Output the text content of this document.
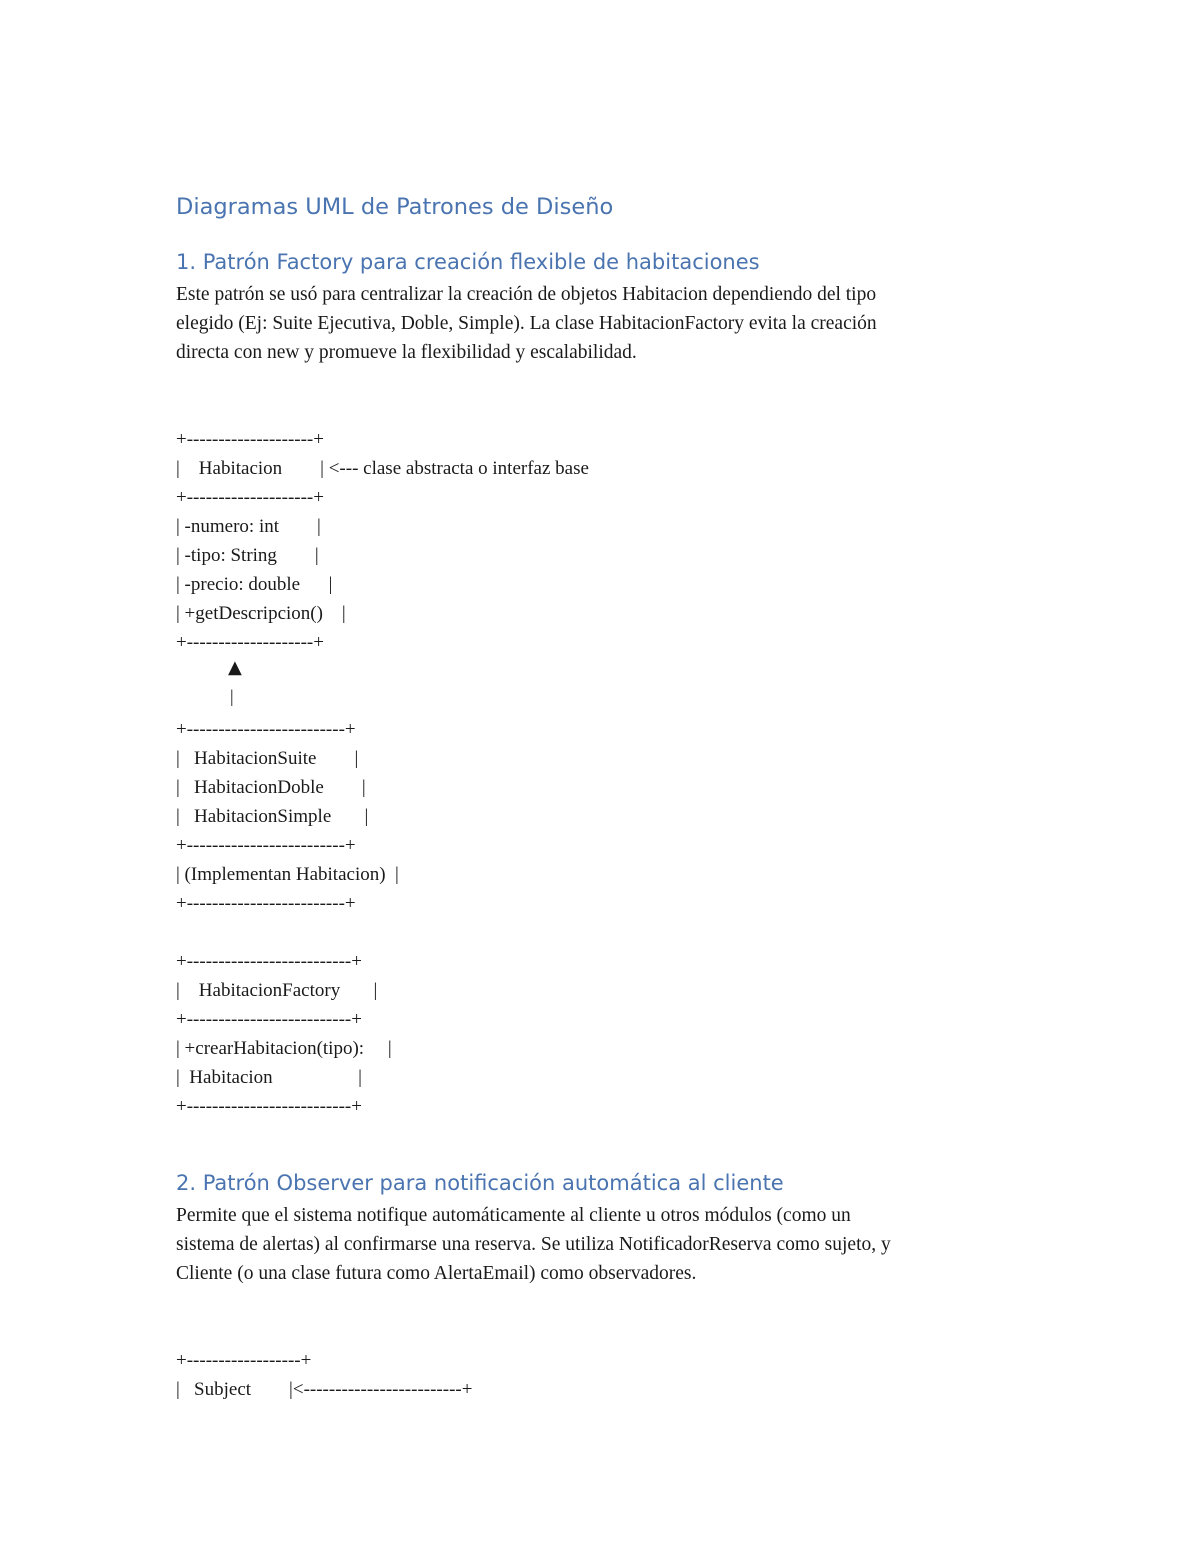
Diagramas UML de Patrones de Diseño
1. Patrón Factory para creación flexible de habitaciones
Este patrón se usó para centralizar la creación de objetos Habitacion dependiendo del tipo
elegido (Ej: Suite Ejecutiva, Doble, Simple). La clase HabitacionFactory evita la creación
directa con new y promueve la flexibilidad y escalabilidad.
+--------------------+
|    Habitacion        | <--- clase abstracta o interfaz base
+--------------------+
| -numero: int        |
| -tipo: String        |
| -precio: double      |
| +getDescripcion()    |
+--------------------+
▲
|
+-------------------------+
|   HabitacionSuite        |
|   HabitacionDoble        |
|   HabitacionSimple       |
+-------------------------+
| (Implementan Habitacion)  |
+-------------------------+
+--------------------------+
|    HabitacionFactory       |
+--------------------------+
| +crearHabitacion(tipo):     |
|  Habitacion                  |
+--------------------------+
2. Patrón Observer para notificación automática al cliente
Permite que el sistema notifique automáticamente al cliente u otros módulos (como un
sistema de alertas) al confirmarse una reserva. Se utiliza NotificadorReserva como sujeto, y
Cliente (o una clase futura como AlertaEmail) como observadores.
+------------------+
|   Subject        |<-------------------------+
